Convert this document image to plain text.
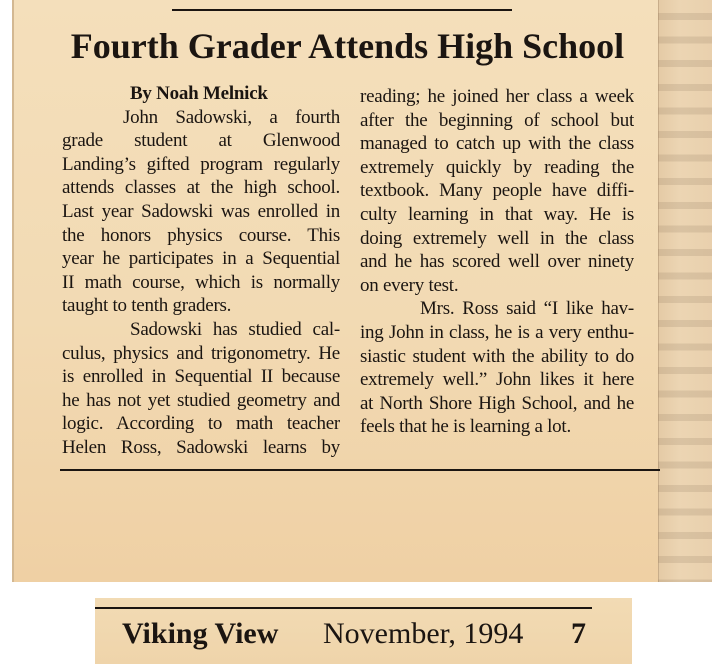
Fourth Grader Attends High School
By Noah Melnick
John Sadowski, a fourth
grade student at Glenwood
Landing’s gifted program regularly
attends classes at the high school.
Last year Sadowski was enrolled in
the honors physics course. This
year he participates in a Sequential
II math course, which is normally
taught to tenth graders.
Sadowski has studied cal-
culus, physics and trigonometry. He
is enrolled in Sequential II because
he has not yet studied geometry and
logic. According to math teacher
Helen Ross, Sadowski learns by
reading; he joined her class a week
after the beginning of school but
managed to catch up with the class
extremely quickly by reading the
textbook. Many people have diffi-
culty learning in that way. He is
doing extremely well in the class
and he has scored well over ninety
on every test.
Mrs. Ross said “I like hav-
ing John in class, he is a very enthu-
siastic student with the ability to do
extremely well.” John likes it here
at North Shore High School, and he
feels that he is learning a lot.
Viking View November, 1994 7
